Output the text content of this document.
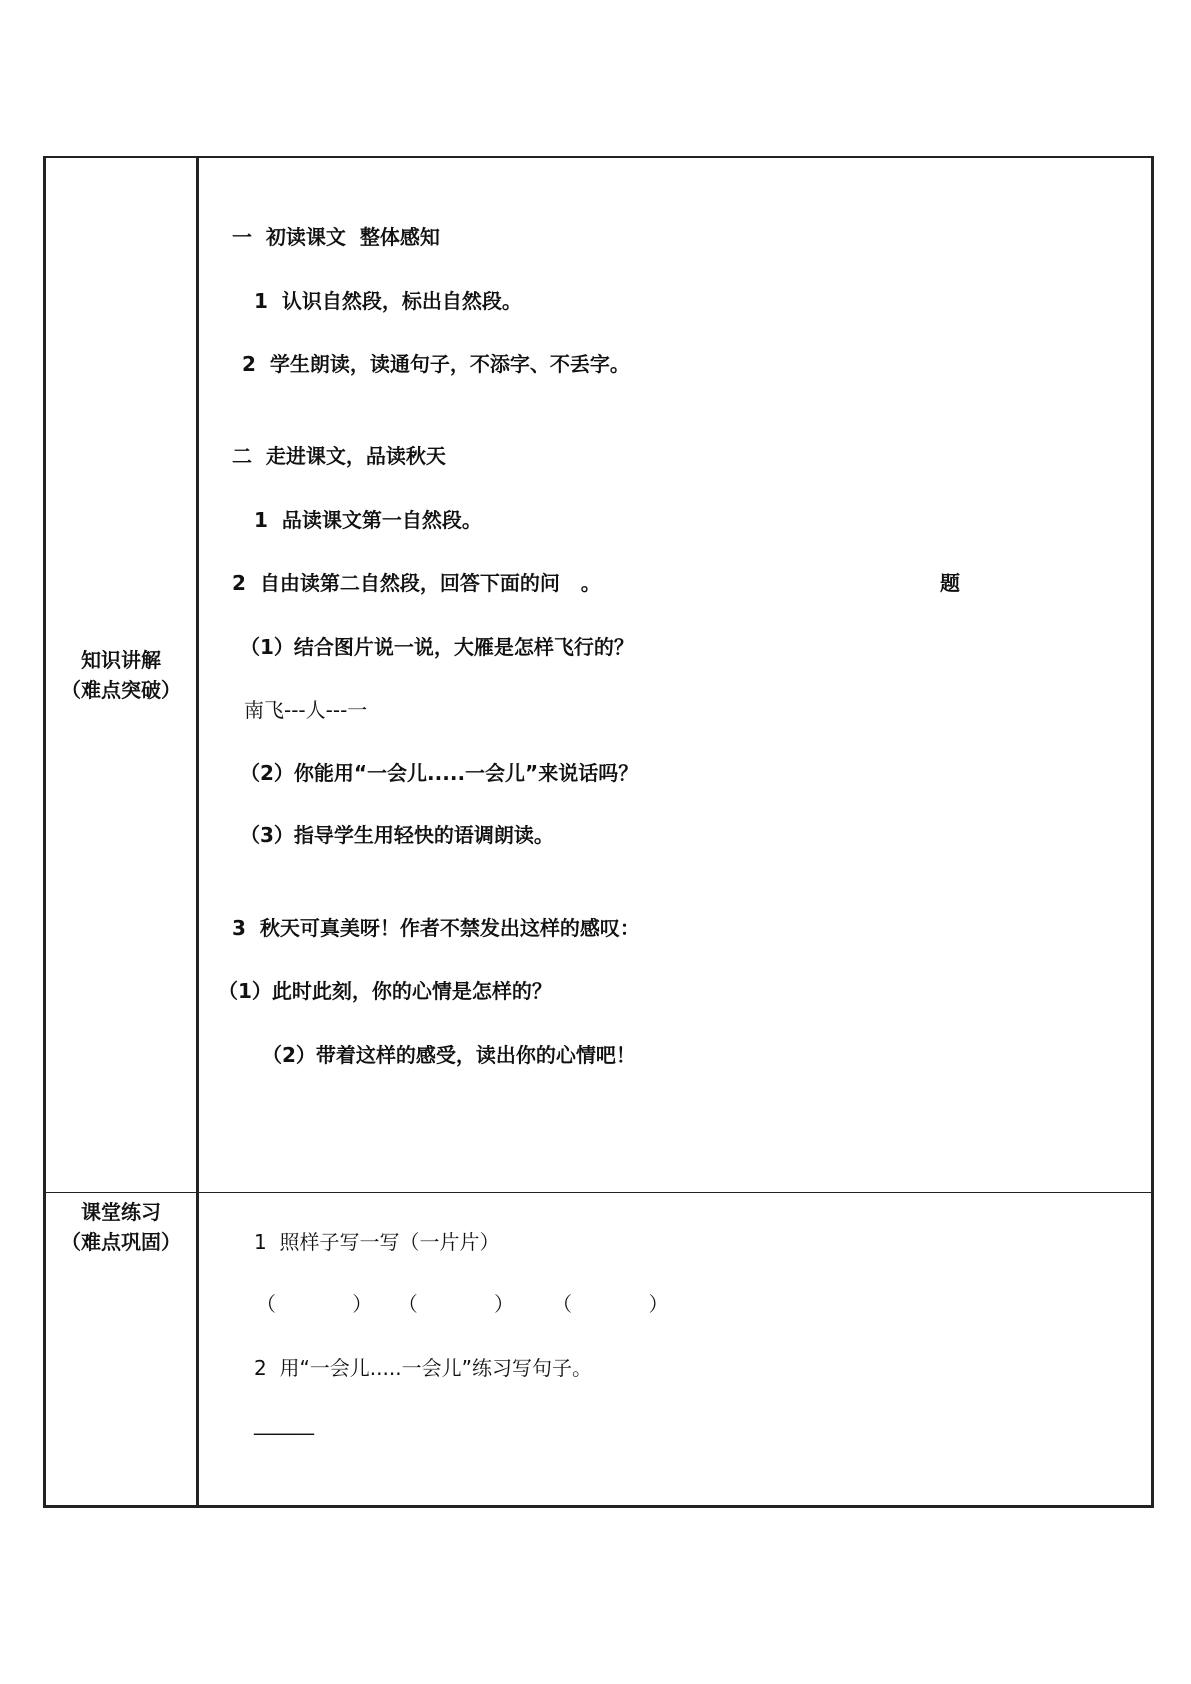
知识讲解
（难点突破）
一  初读课文  整体感知
1  认识自然段，标出自然段。
2  学生朗读，读通句子，不添字、不丢字。
二  走进课文，品读秋天
1  品读课文第一自然段。
2  自由读第二自然段，回答下面的问   。	题
（1）结合图片说一说，大雁是怎样飞行的？
南飞---人---一
（2）你能用“一会儿.....一会儿”来说话吗？
（3）指导学生用轻快的语调朗读。
3  秋天可真美呀！作者不禁发出这样的感叹：
（1）此时此刻，你的心情是怎样的？
（2）带着这样的感受，读出你的心情吧！
课堂练习
（难点巩固）	1  照样子写一写（一片片）
（            ）    （            ）      （            ）
2  用“一会儿.....一会儿”练习写句子。
______
